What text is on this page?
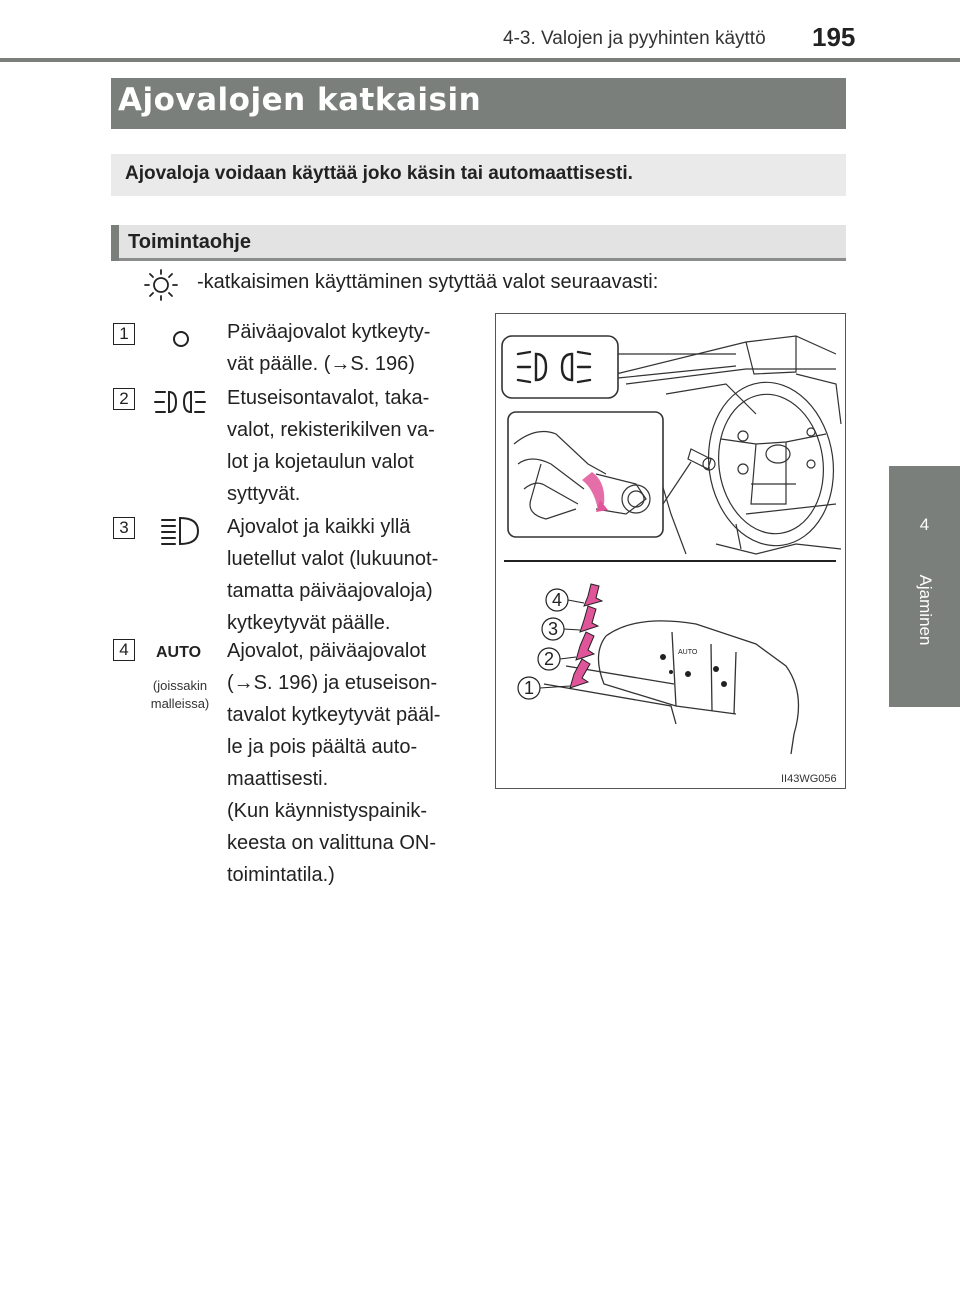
4-3. Valojen ja pyyhinten käyttö 195
4
Ajaminen
Ajovalojen katkaisin
Ajovaloja voidaan käyttää joko käsin tai automaattisesti.
Toimintaohje
-katkaisimen käyttäminen sytyttää valot seuraavasti:
1	Päiväajovalot kytkeyty-
vät päälle. (→S. 196)
2	Etuseisontavalot, taka-
valot, rekisterikilven va-
lot ja kojetaulun valot
syttyvät.
3	Ajovalot ja kaikki yllä
luetellut valot (lukuunot-
tamatta päiväajovaloja)
kytkeytyvät päälle.
4	AUTO
(joissakin
malleissa)
Ajovalot, päiväajovalot
(→S. 196) ja etuseison-
tavalot kytkeytyvät pääl-
le ja pois päältä auto-
maattisesti.
(Kun käynnistyspainik-
keesta on valittuna ON-
toimintatila.)
AUTO
1
2
3
4
II43WG056
